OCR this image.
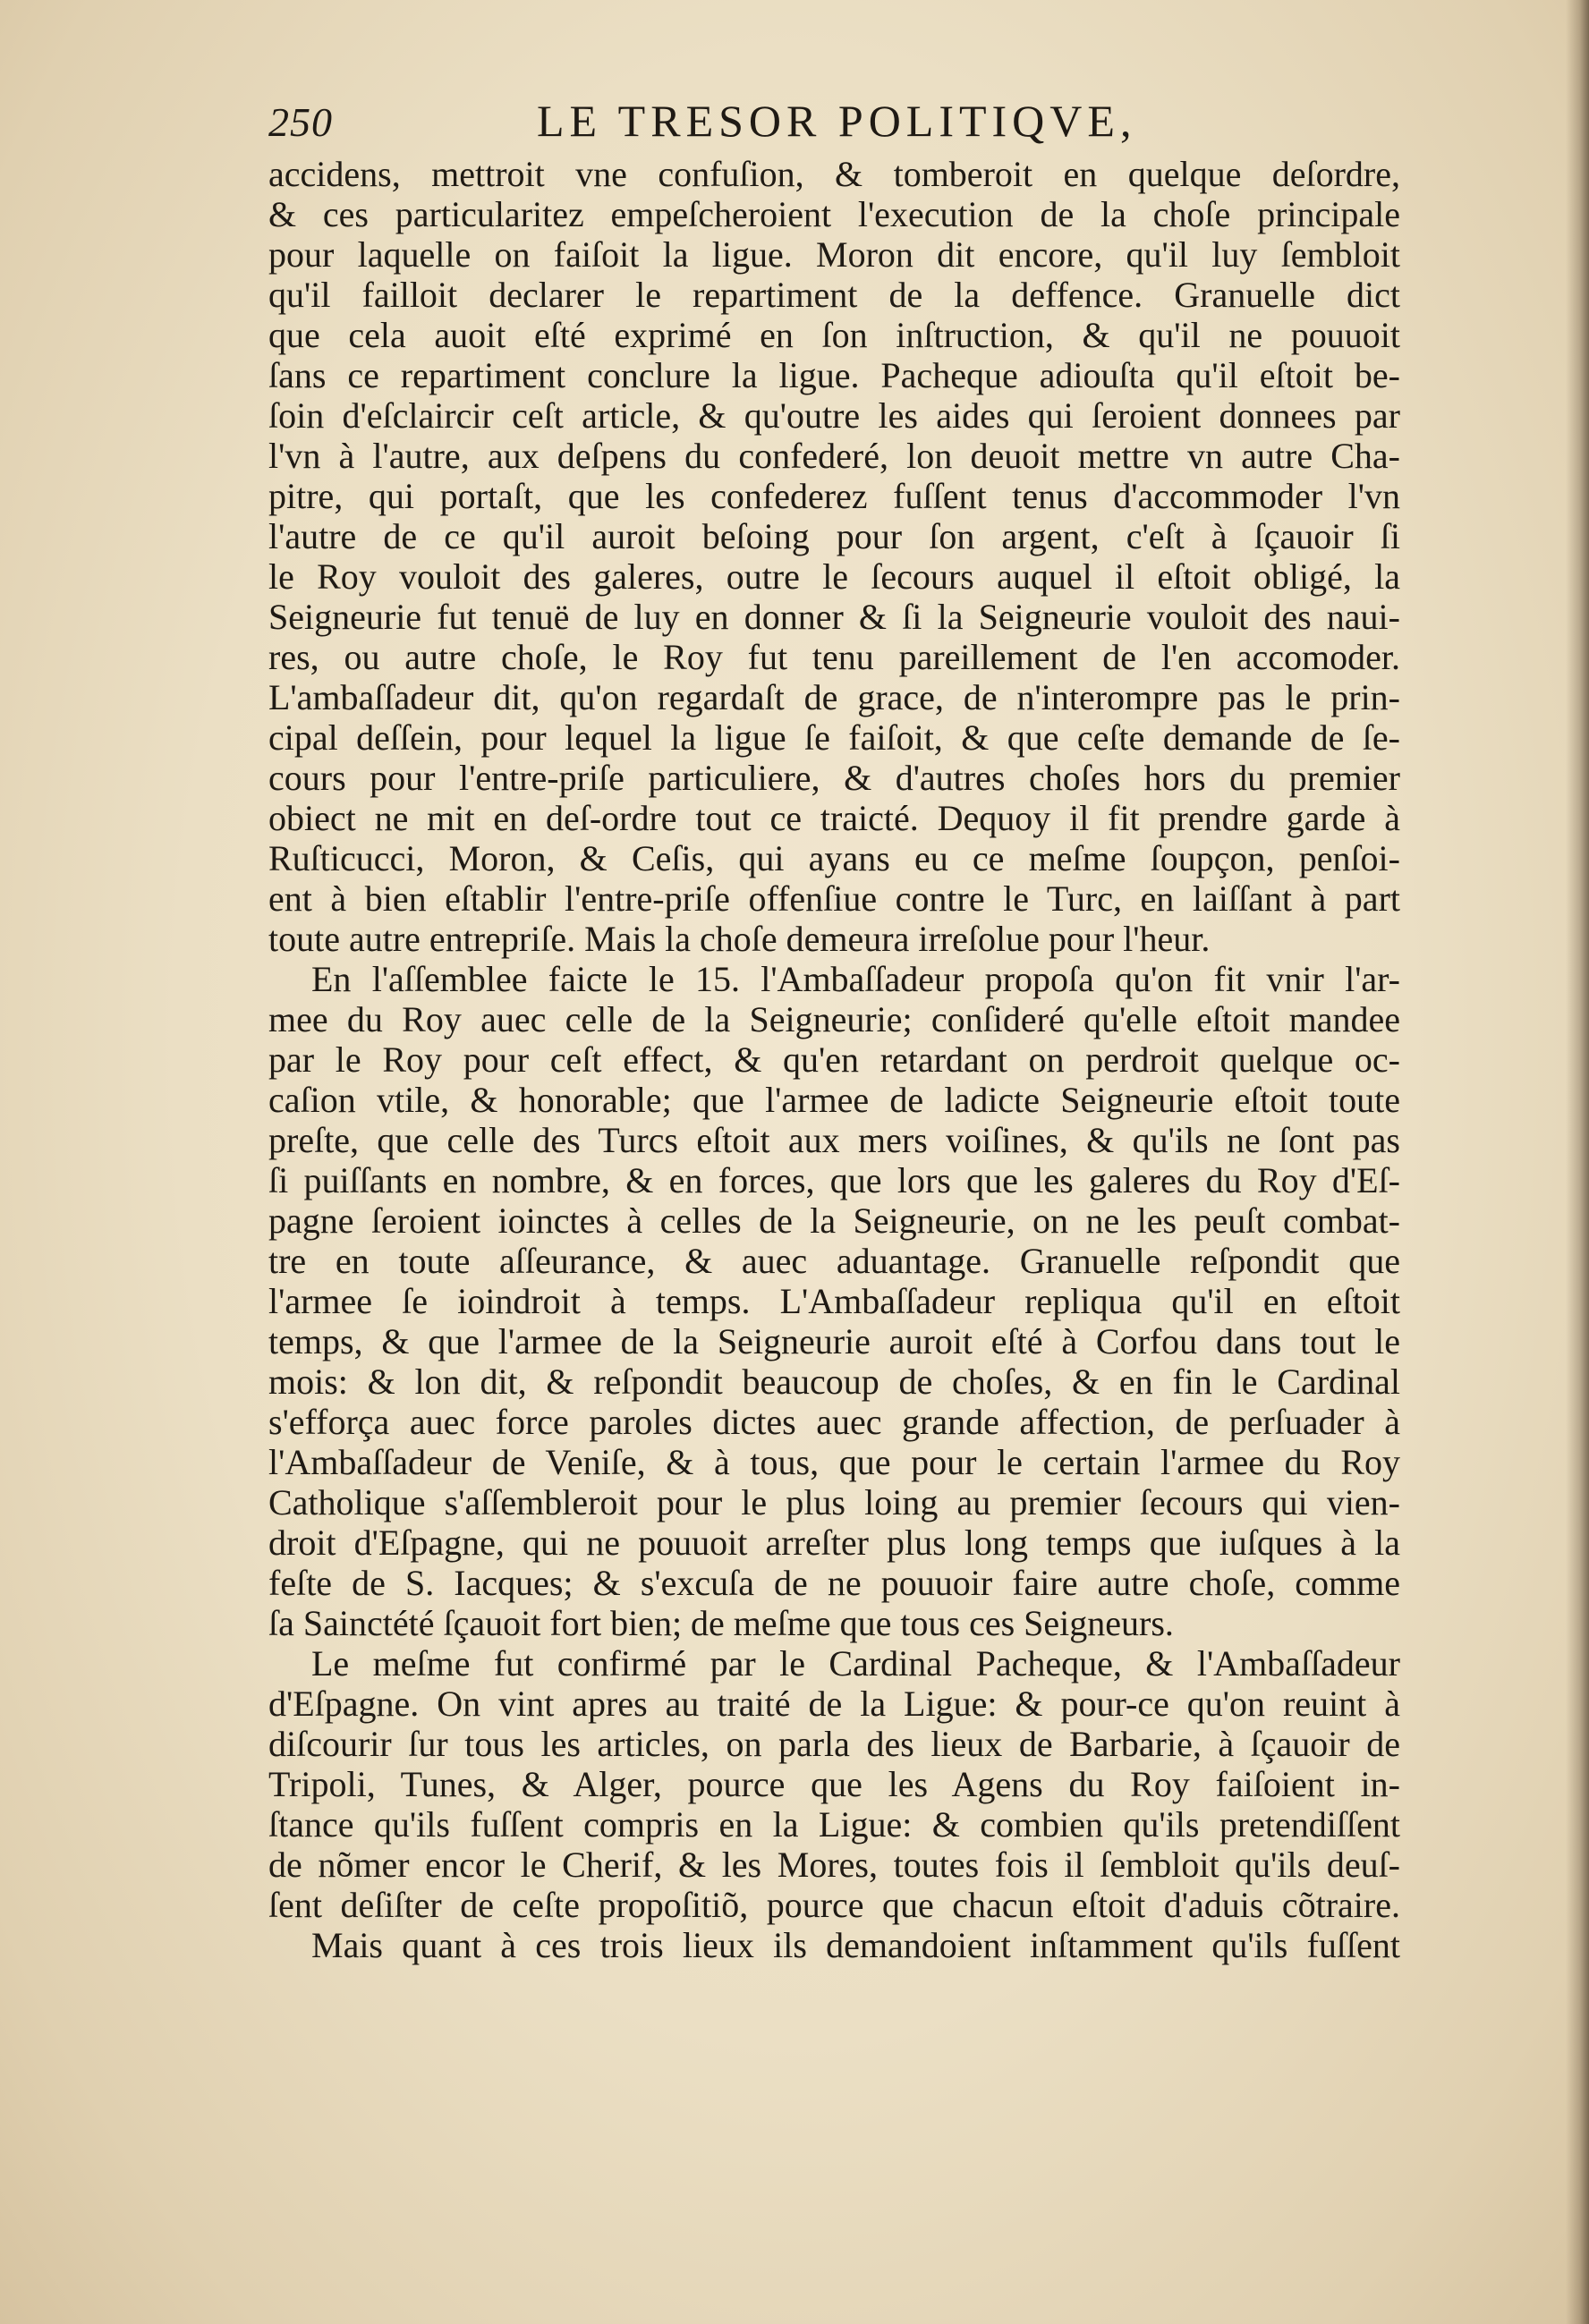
250	LE TRESOR POLITIQVE,
accidens, mettroit vne confuſion, & tomberoit en quelque deſordre,
& ces particularitez empeſcheroient l'execution de la choſe principale
pour laquelle on faiſoit la ligue. Moron dit encore, qu'il luy ſembloit
qu'il failloit declarer le repartiment de la deffence. Granuelle dict
que cela auoit eſté exprimé en ſon inſtruction, & qu'il ne pouuoit
ſans ce repartiment conclure la ligue. Pacheque adiouſta qu'il eſtoit be-
ſoin d'eſclaircir ceſt article, & qu'outre les aides qui ſeroient donnees par
l'vn à l'autre, aux deſpens du confederé, lon deuoit mettre vn autre Cha-
pitre, qui portaſt, que les confederez fuſſent tenus d'accommoder l'vn
l'autre de ce qu'il auroit beſoing pour ſon argent, c'eſt à ſçauoir ſi
le Roy vouloit des galeres, outre le ſecours auquel il eſtoit obligé, la
Seigneurie fut tenuë de luy en donner & ſi la Seigneurie vouloit des naui-
res, ou autre choſe, le Roy fut tenu pareillement de l'en accomoder.
L'ambaſſadeur dit, qu'on regardaſt de grace, de n'interompre pas le prin-
cipal deſſein, pour lequel la ligue ſe faiſoit, & que ceſte demande de ſe-
cours pour l'entre-priſe particuliere, & d'autres choſes hors du premier
obiect ne mit en deſ-ordre tout ce traicté. Dequoy il fit prendre garde à
Ruſticucci, Moron, & Ceſis, qui ayans eu ce meſme ſoupçon, penſoi-
ent à bien eſtablir l'entre-priſe offenſiue contre le Turc, en laiſſant à part
toute autre entrepriſe. Mais la choſe demeura irreſolue pour l'heur.
En l'aſſemblee faicte le 15. l'Ambaſſadeur propoſa qu'on fit vnir l'ar-
mee du Roy auec celle de la Seigneurie; conſideré qu'elle eſtoit mandee
par le Roy pour ceſt effect, & qu'en retardant on perdroit quelque oc-
caſion vtile, & honorable; que l'armee de ladicte Seigneurie eſtoit toute
preſte, que celle des Turcs eſtoit aux mers voiſines, & qu'ils ne ſont pas
ſi puiſſants en nombre, & en forces, que lors que les galeres du Roy d'Eſ-
pagne ſeroient ioinctes à celles de la Seigneurie, on ne les peuſt combat-
tre en toute aſſeurance, & auec aduantage. Granuelle reſpondit que
l'armee ſe ioindroit à temps. L'Ambaſſadeur repliqua qu'il en eſtoit
temps, & que l'armee de la Seigneurie auroit eſté à Corfou dans tout le
mois: & lon dit, & reſpondit beaucoup de choſes, & en fin le Cardinal
s'efforça auec force paroles dictes auec grande affection, de perſuader à
l'Ambaſſadeur de Veniſe, & à tous, que pour le certain l'armee du Roy
Catholique s'aſſembleroit pour le plus loing au premier ſecours qui vien-
droit d'Eſpagne, qui ne pouuoit arreſter plus long temps que iuſques à la
feſte de S. Iacques; & s'excuſa de ne pouuoir faire autre choſe, comme
ſa Sainctété ſçauoit fort bien; de meſme que tous ces Seigneurs.
Le meſme fut confirmé par le Cardinal Pacheque, & l'Ambaſſadeur
d'Eſpagne. On vint apres au traité de la Ligue: & pour-ce qu'on reuint à
diſcourir ſur tous les articles, on parla des lieux de Barbarie, à ſçauoir de
Tripoli, Tunes, & Alger, pource que les Agens du Roy faiſoient in-
ſtance qu'ils fuſſent compris en la Ligue: & combien qu'ils pretendiſſent
de nõmer encor le Cherif, & les Mores, toutes fois il ſembloit qu'ils deuſ-
ſent deſiſter de ceſte propoſitiõ, pource que chacun eſtoit d'aduis cõtraire.
Mais quant à ces trois lieux ils demandoient inſtamment qu'ils fuſſent
